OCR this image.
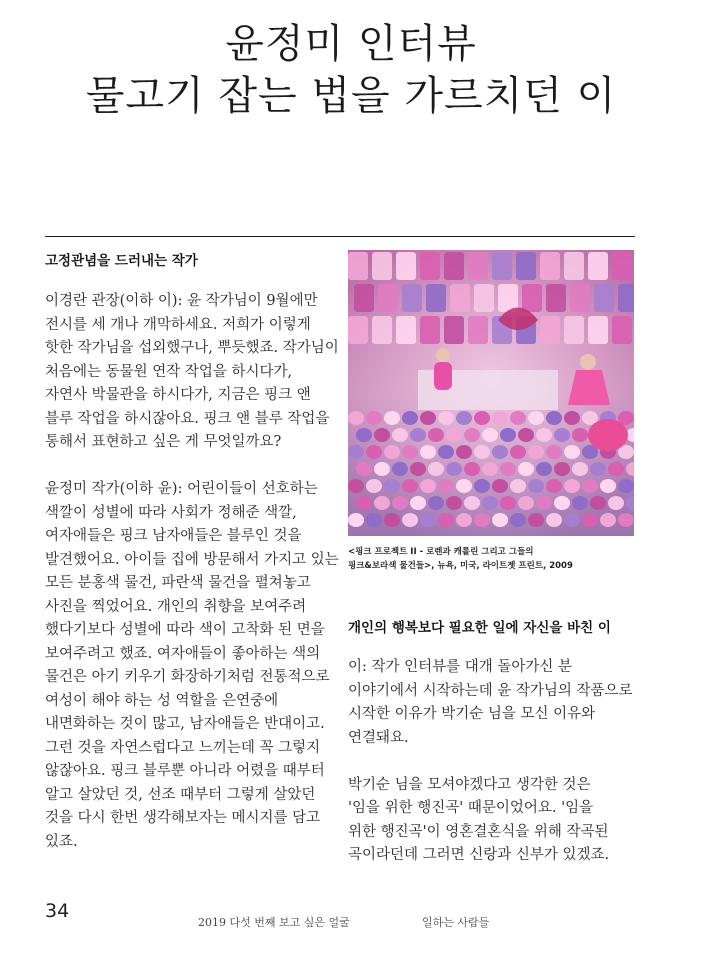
윤정미 인터뷰
물고기 잡는 법을 가르치던 이
고정관념을 드러내는 작가
이경란 관장(이하 이): 윤 작가님이 9월에만
전시를 세 개나 개막하세요. 저희가 이렇게
핫한 작가님을 섭외했구나, 뿌듯했죠. 작가님이
처음에는 동물원 연작 작업을 하시다가,
자연사 박물관을 하시다가, 지금은 핑크 앤
블루 작업을 하시잖아요. 핑크 앤 블루 작업을
통해서 표현하고 싶은 게 무엇일까요?
윤정미 작가(이하 윤): 어린이들이 선호하는
색깔이 성별에 따라 사회가 정해준 색깔,
여자애들은 핑크 남자애들은 블루인 것을
발견했어요. 아이들 집에 방문해서 가지고 있는
모든 분홍색 물건, 파란색 물건을 펼쳐놓고
사진을 찍었어요. 개인의 취향을 보여주려
했다기보다 성별에 따라 색이 고착화 된 면을
보여주려고 했죠. 여자애들이 좋아하는 색의
물건은 아기 키우기 화장하기처럼 전통적으로
여성이 해야 하는 성 역할을 은연중에
내면화하는 것이 많고, 남자애들은 반대이고.
그런 것을 자연스럽다고 느끼는데 꼭 그렇지
않잖아요. 핑크 블루뿐 아니라 어렸을 때부터
알고 살았던 것, 선조 때부터 그렇게 살았던
것을 다시 한번 생각해보자는 메시지를 담고
있죠.
<핑크 프로젝트 II - 로렌과 캐롤린 그리고 그들의
핑크&보라색 물건들>, 뉴욕, 미국, 라이트젯 프린트, 2009
개인의 행복보다 필요한 일에 자신을 바친 이
이: 작가 인터뷰를 대개 돌아가신 분
이야기에서 시작하는데 윤 작가님의 작품으로
시작한 이유가 박기순 님을 모신 이유와
연결돼요.
박기순 님을 모셔야겠다고 생각한 것은
'임을 위한 행진곡' 때문이었어요. '임을
위한 행진곡'이 영혼결혼식을 위해 작곡된
곡이라던데 그러면 신랑과 신부가 있겠죠.
34
2019 다섯 번째 보고 싶은 얼굴	일하는 사람들
